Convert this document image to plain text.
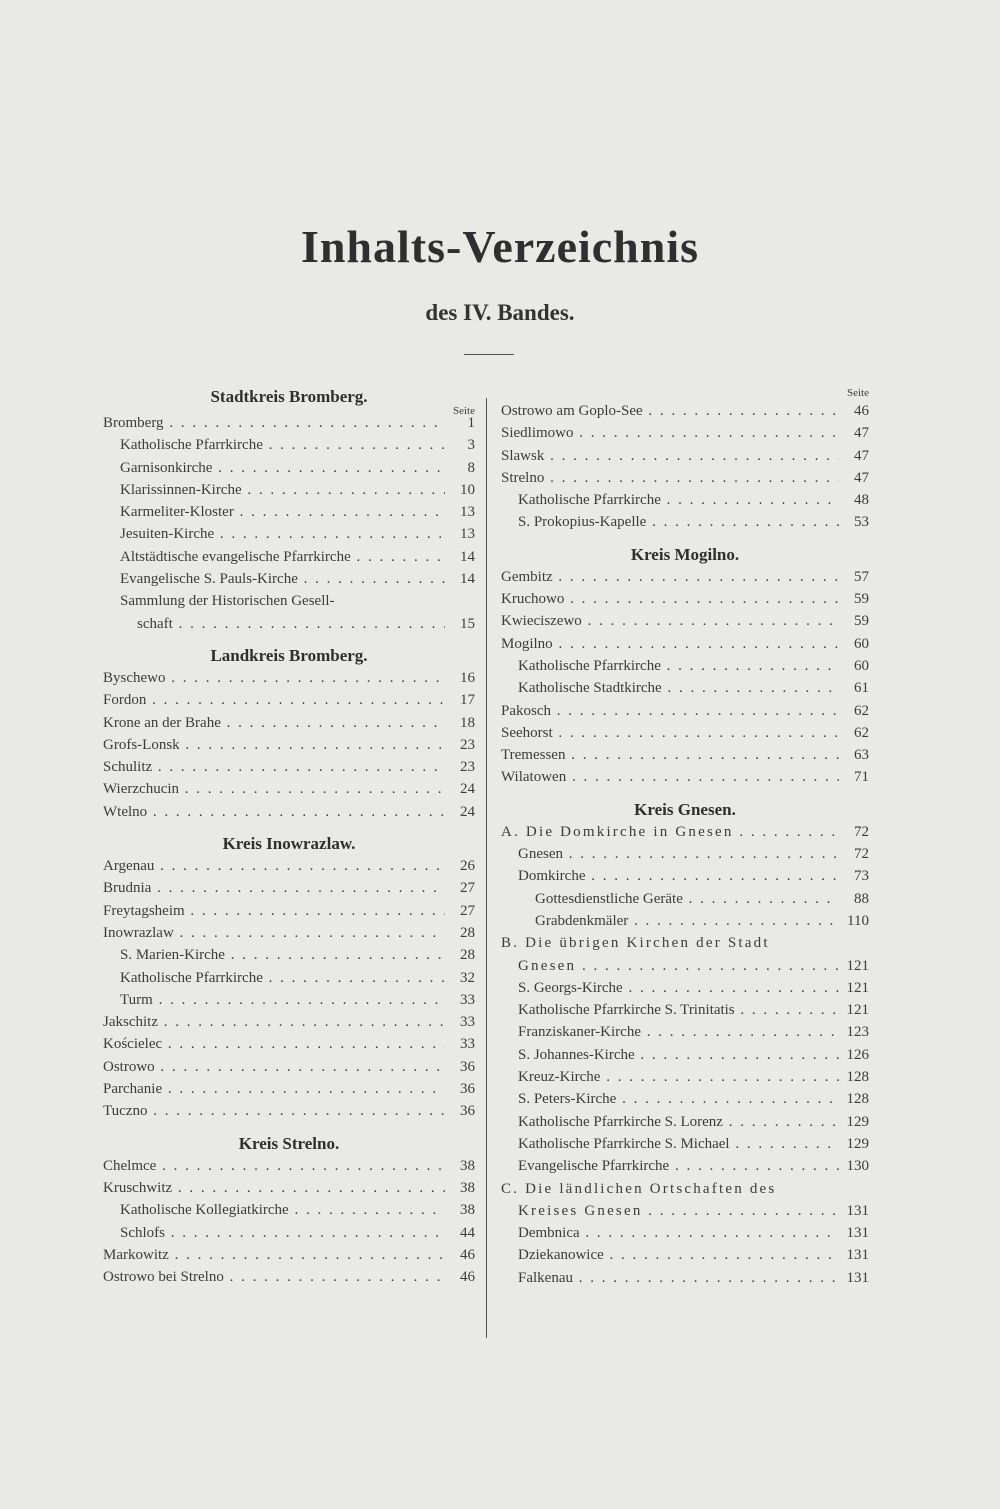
Inhalts-Verzeichnis
des IV. Bandes.
Seite
Stadtkreis Bromberg.
Bromberg . . .	1
Katholische Pfarrkirche . . .	3
Garnisonkirche . . .	8
Klarissinnen-Kirche . . .	10
Karmeliter-Kloster . . .	13
Jesuiten-Kirche . . .	13
Altstädtische evangelische Pfarrkirche . . .	14
Evangelische S. Pauls-Kirche . . .	14
Sammlung der Historischen Gesell-
schaft . . .	15
Landkreis Bromberg.
Byschewo . . .	16
Fordon . . .	17
Krone an der Brahe . . .	18
Grofs-Lonsk . . .	23
Schulitz . . .	23
Wierzchucin . . .	24
Wtelno . . .	24
Kreis Inowrazlaw.
Argenau . . .	26
Brudnia . . .	27
Freytagsheim . . .	27
Inowrazlaw . . .	28
S. Marien-Kirche . . .	28
Katholische Pfarrkirche . . .	32
Turm . . .	33
Jakschitz . . .	33
Kościelec . . .	33
Ostrowo . . .	36
Parchanie . . .	36
Tuczno . . .	36
Kreis Strelno.
Chelmce . . .	38
Kruschwitz . . .	38
Katholische Kollegiatkirche . . .	38
Schlofs . . .	44
Markowitz . . .	46
Ostrowo bei Strelno . . .	46
Seite
Ostrowo am Goplo-See . . .	46
Siedlimowo . . .	47
Slawsk . . .	47
Strelno . . .	47
Katholische Pfarrkirche . . .	48
S. Prokopius-Kapelle . . .	53
Kreis Mogilno.
Gembitz . . .	57
Kruchowo . . .	59
Kwieciszewo . . .	59
Mogilno . . .	60
Katholische Pfarrkirche . . .	60
Katholische Stadtkirche . . .	61
Pakosch . . .	62
Seehorst . . .	62
Tremessen . . .	63
Wilatowen . . .	71
Kreis Gnesen.
A. Die Domkirche in Gnesen . . .	72
Gnesen . . .	72
Domkirche . . .	73
Gottesdienstliche Geräte . . .	88
Grabdenkmäler . . .	110
B. Die übrigen Kirchen der Stadt
Gnesen . . .	121
S. Georgs-Kirche . . .	121
Katholische Pfarrkirche S. Trinitatis . . .	121
Franziskaner-Kirche . . .	123
S. Johannes-Kirche . . .	126
Kreuz-Kirche . . .	128
S. Peters-Kirche . . .	128
Katholische Pfarrkirche S. Lorenz . . .	129
Katholische Pfarrkirche S. Michael . . .	129
Evangelische Pfarrkirche . . .	130
C. Die ländlichen Ortschaften des
Kreises Gnesen . . .	131
Dembnica . . .	131
Dziekanowice . . .	131
Falkenau . . .	131
